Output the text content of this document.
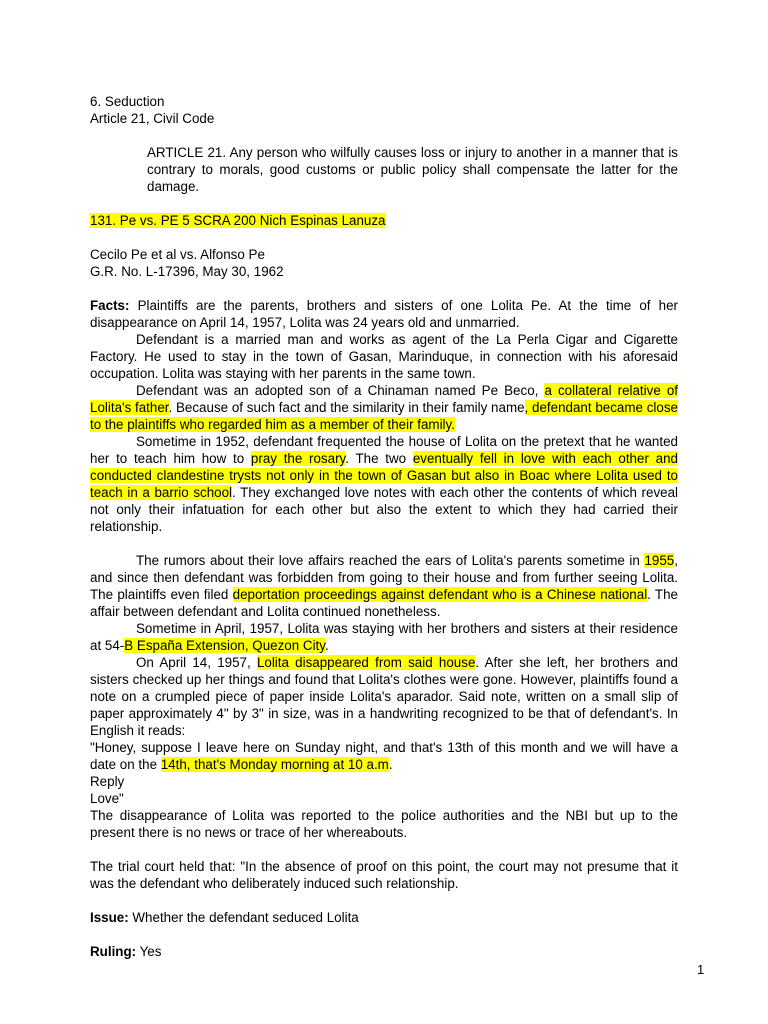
6. Seduction

Article 21, Civil Code

ARTICLE 21. Any person who wilfully causes loss or injury to another in a manner that is contrary to morals, good customs or public policy shall compensate the latter for the damage.

131. Pe vs. PE 5 SCRA 200 Nich Espinas Lanuza

Cecilo Pe et al vs. Alfonso Pe

G.R. No. L-17396, May 30, 1962

Facts: Plaintiffs are the parents, brothers and sisters of one Lolita Pe. At the time of her disappearance on April 14, 1957, Lolita was 24 years old and unmarried.

Defendant is a married man and works as agent of the La Perla Cigar and Cigarette Factory. He used to stay in the town of Gasan, Marinduque, in connection with his aforesaid occupation. Lolita was staying with her parents in the same town.

Defendant was an adopted son of a Chinaman named Pe Beco, a collateral relative of Lolita's father. Because of such fact and the similarity in their family name, defendant became close to the plaintiffs who regarded him as a member of their family.

Sometime in 1952, defendant frequented the house of Lolita on the pretext that he wanted her to teach him how to pray the rosary. The two eventually fell in love with each other and conducted clandestine trysts not only in the town of Gasan but also in Boac where Lolita used to teach in a barrio school. They exchanged love notes with each other the contents of which reveal not only their infatuation for each other but also the extent to which they had carried their relationship.

The rumors about their love affairs reached the ears of Lolita's parents sometime in 1955, and since then defendant was forbidden from going to their house and from further seeing Lolita. The plaintiffs even filed deportation proceedings against defendant who is a Chinese national. The affair between defendant and Lolita continued nonetheless.

Sometime in April, 1957, Lolita was staying with her brothers and sisters at their residence at 54-B España Extension, Quezon City.

On April 14, 1957, Lolita disappeared from said house. After she left, her brothers and sisters checked up her things and found that Lolita's clothes were gone. However, plaintiffs found a note on a crumpled piece of paper inside Lolita's aparador. Said note, written on a small slip of paper approximately 4" by 3" in size, was in a handwriting recognized to be that of defendant's. In English it reads:

"Honey, suppose I leave here on Sunday night, and that's 13th of this month and we will have a date on the 14th, that's Monday morning at 10 a.m.

Reply

Love"

The disappearance of Lolita was reported to the police authorities and the NBI but up to the present there is no news or trace of her whereabouts.

The trial court held that: "In the absence of proof on this point, the court may not presume that it was the defendant who deliberately induced such relationship.

Issue: Whether the defendant seduced Lolita

Ruling: Yes

1
